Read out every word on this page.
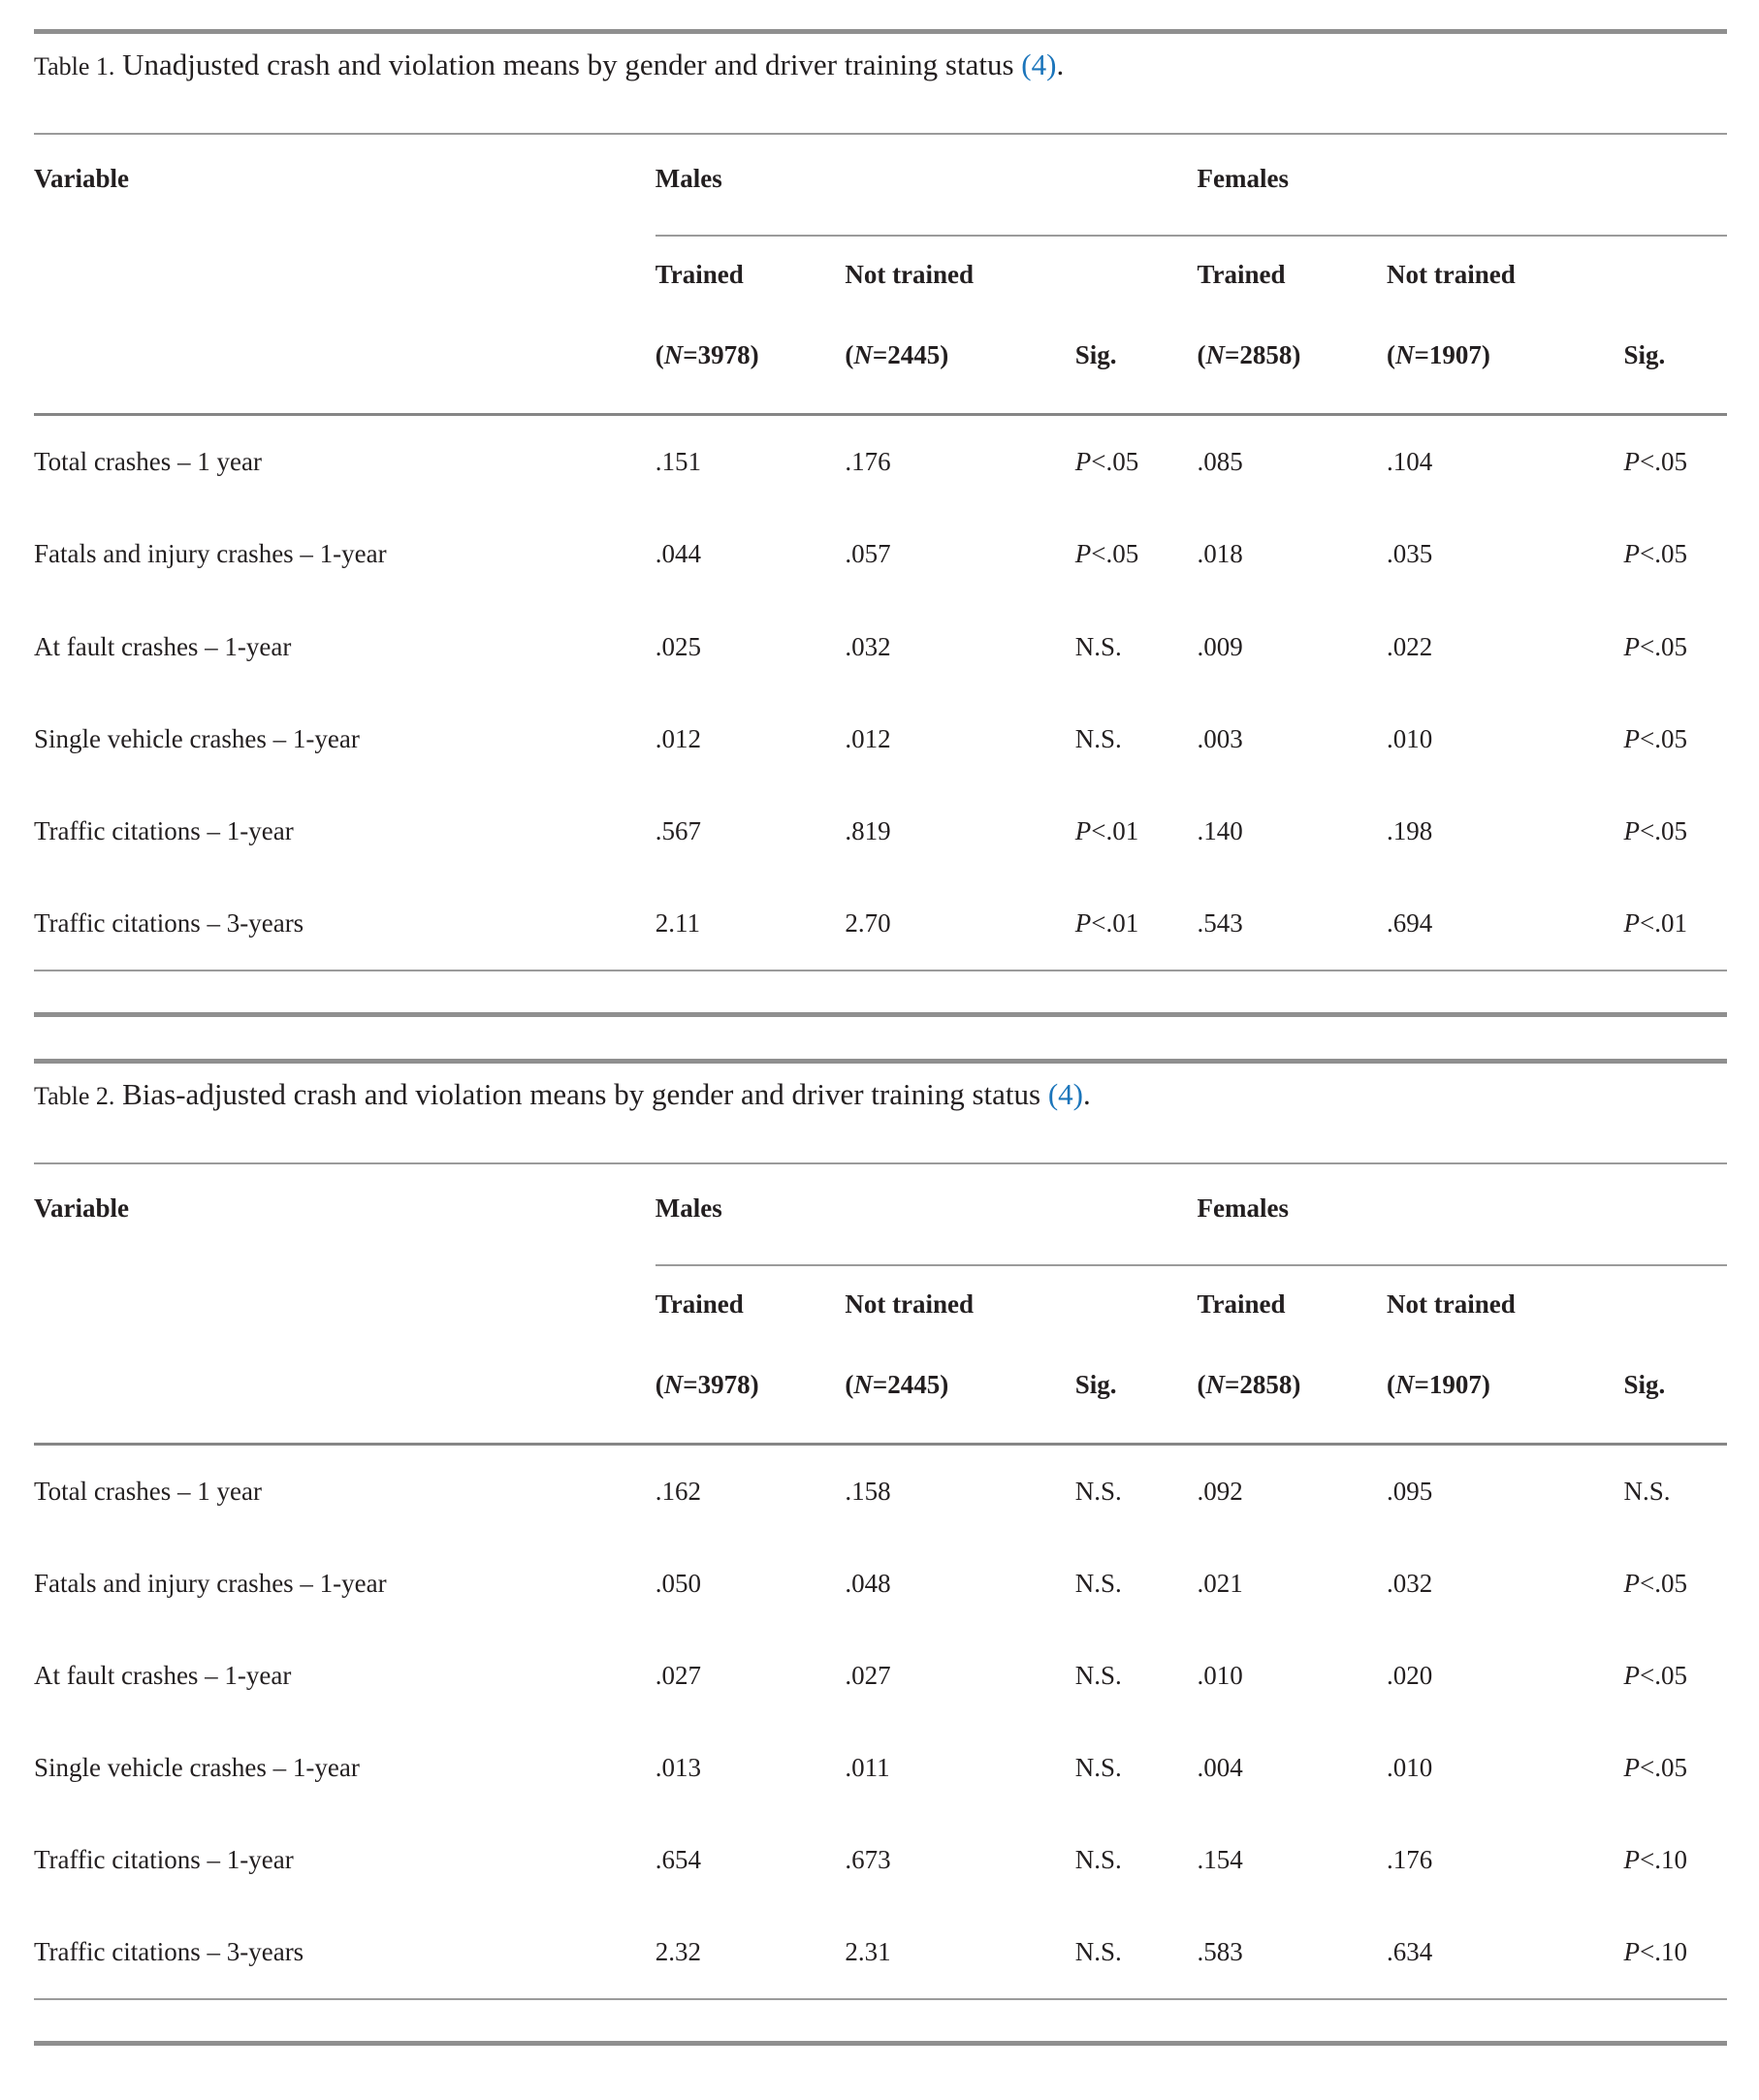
Table 1. Unadjusted crash and violation means by gender and driver training status (4).

Variable	Males			Females		
	Trained	Not trained		Trained	Not trained	
	(N=3978)	(N=2445)	Sig.	(N=2858)	(N=1907)	Sig.
Total crashes – 1 year	.151	.176	P<.05	.085	.104	P<.05
Fatals and injury crashes – 1-year	.044	.057	P<.05	.018	.035	P<.05
At fault crashes – 1-year	.025	.032	N.S.	.009	.022	P<.05
Single vehicle crashes – 1-year	.012	.012	N.S.	.003	.010	P<.05
Traffic citations – 1-year	.567	.819	P<.01	.140	.198	P<.05
Traffic citations – 3-years	2.11	2.70	P<.01	.543	.694	P<.01

Table 2. Bias-adjusted crash and violation means by gender and driver training status (4).

Variable	Males			Females		
	Trained	Not trained		Trained	Not trained	
	(N=3978)	(N=2445)	Sig.	(N=2858)	(N=1907)	Sig.
Total crashes – 1 year	.162	.158	N.S.	.092	.095	N.S.
Fatals and injury crashes – 1-year	.050	.048	N.S.	.021	.032	P<.05
At fault crashes – 1-year	.027	.027	N.S.	.010	.020	P<.05
Single vehicle crashes – 1-year	.013	.011	N.S.	.004	.010	P<.05
Traffic citations – 1-year	.654	.673	N.S.	.154	.176	P<.10
Traffic citations – 3-years	2.32	2.31	N.S.	.583	.634	P<.10
